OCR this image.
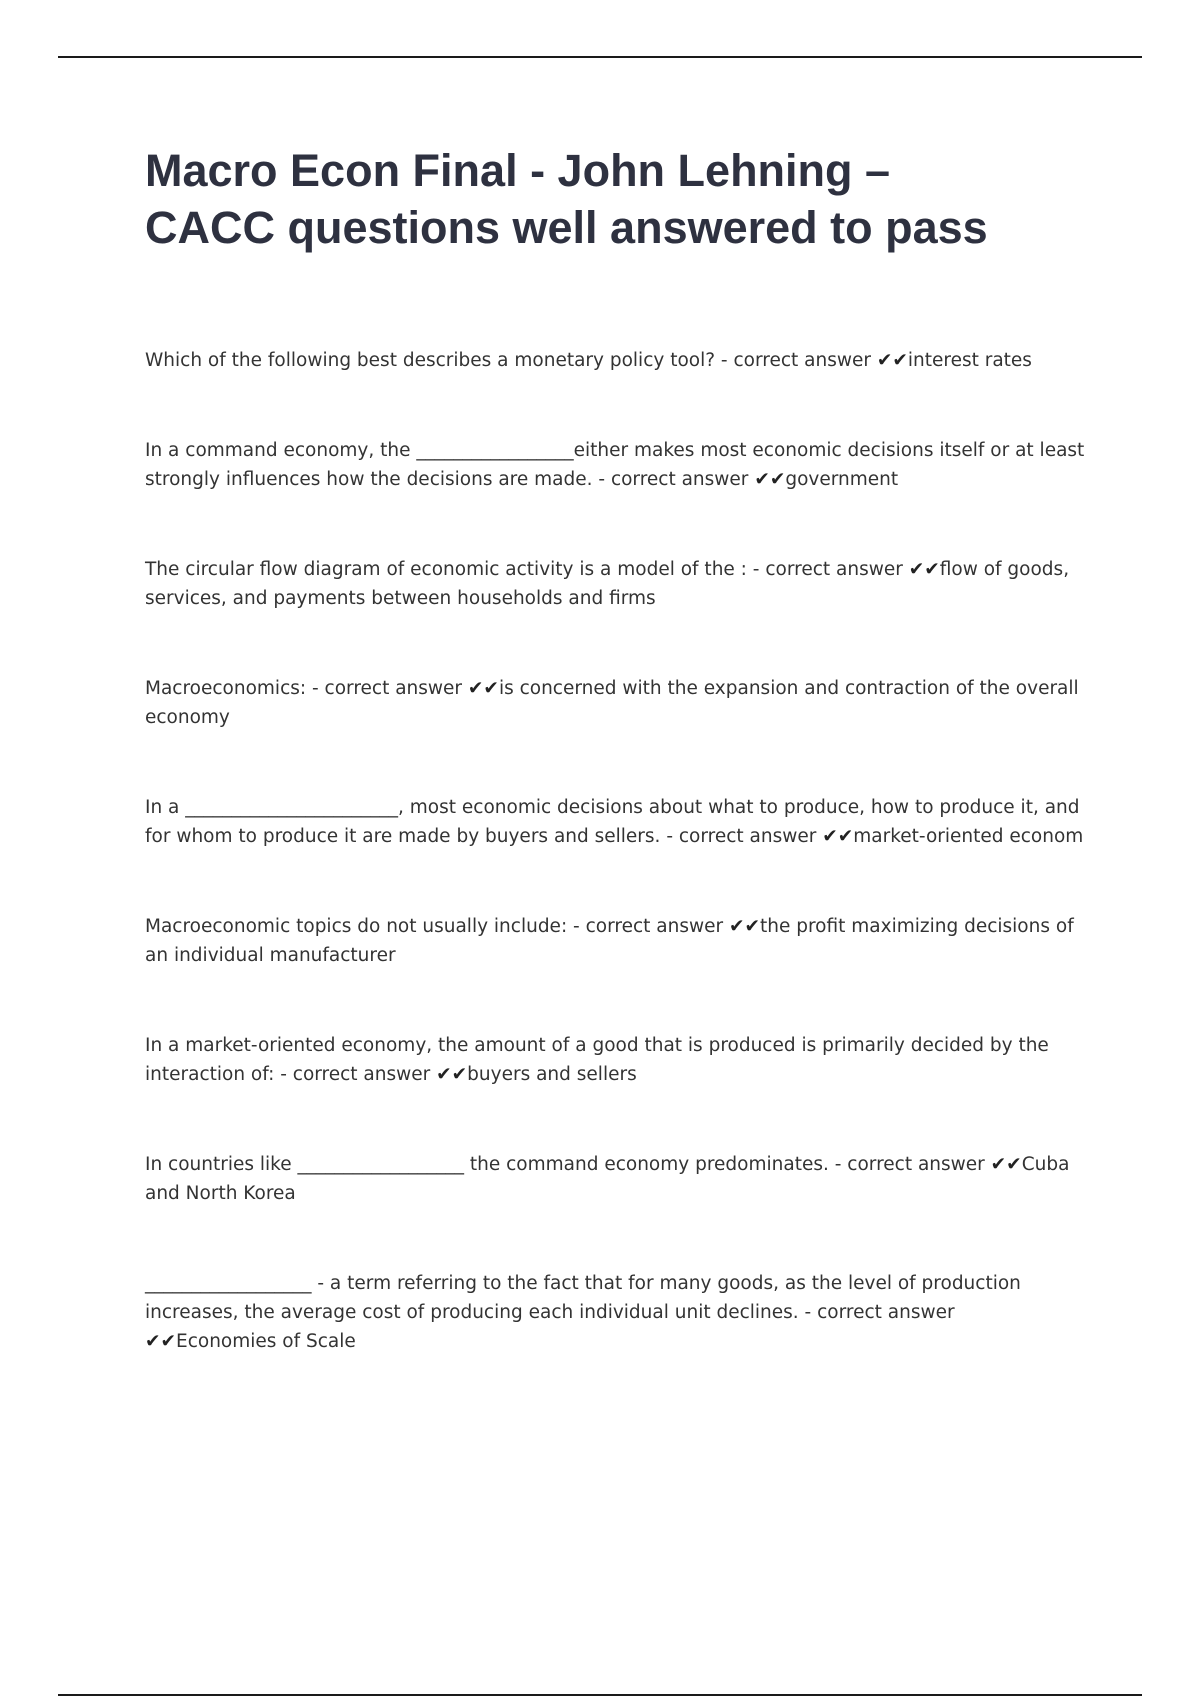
Macro Econ Final - John Lehning –
CACC questions well answered to pass

Which of the following best describes a monetary policy tool? - correct answer ✔✔interest rates

In a command economy, the _________________either makes most economic decisions itself or at least strongly influences how the decisions are made. - correct answer ✔✔government

The circular flow diagram of economic activity is a model of the : - correct answer ✔✔flow of goods, services, and payments between households and firms

Macroeconomics: - correct answer ✔✔is concerned with the expansion and contraction of the overall economy

In a _______________________, most economic decisions about what to produce, how to produce it, and for whom to produce it are made by buyers and sellers. - correct answer ✔✔market-oriented econom

Macroeconomic topics do not usually include: - correct answer ✔✔the profit maximizing decisions of an individual manufacturer

In a market-oriented economy, the amount of a good that is produced is primarily decided by the interaction of: - correct answer ✔✔buyers and sellers

In countries like __________________ the command economy predominates. - correct answer ✔✔Cuba and North Korea

__________________ - a term referring to the fact that for many goods, as the level of production increases, the average cost of producing each individual unit declines. - correct answer ✔✔Economies of Scale
